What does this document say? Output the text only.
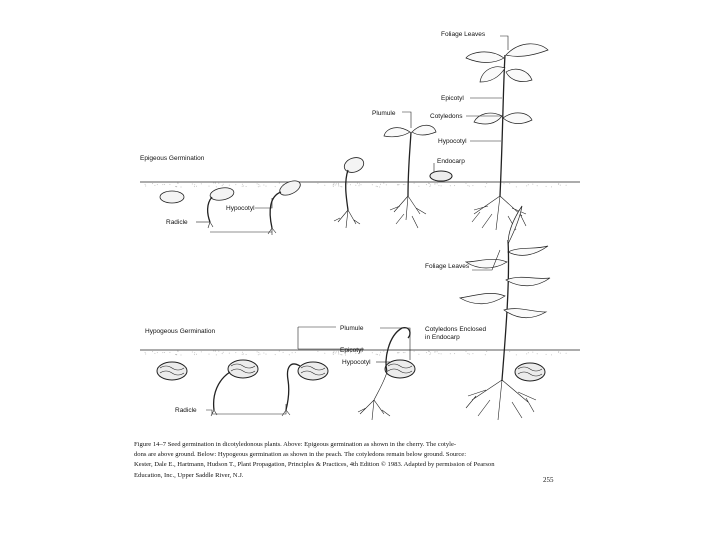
Epigeous Germination
Foliage Leaves
Epicotyl
Cotyledons
Plumule
Hypocotyl
Endocarp
Radicle
Hypocotyl
Hypogeous Germination
Foliage Leaves
Plumule
Epicotyl
Cotyledons Enclosed
in Endocarp
Hypocotyl
Radicle

Figure 14–7 Seed germination in dicotyledonous plants. Above: Epigeous germination as shown in the cherry. The cotyle-

dons are above ground. Below: Hypogeous germination as shown in the peach. The cotyledons remain below ground. Source:

Kester, Dale E., Hartmann, Hudson T., Plant Propagation, Principles & Practices, 4th Edition © 1983. Adapted by permission of Pearson

Education, Inc., Upper Saddle River, N.J.

255
